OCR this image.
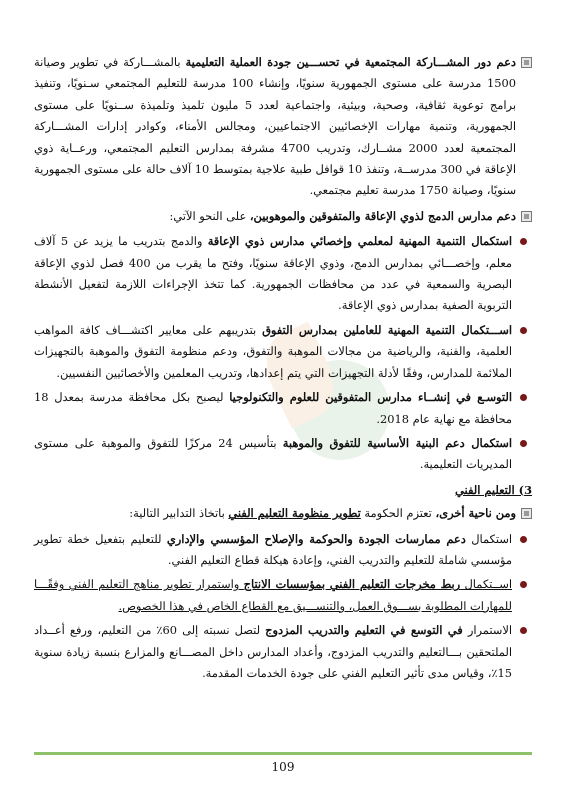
دعم دور المشـــاركة المجتمعية في تحســـين جودة العملية التعليمية بالمشـــاركة في تطوير وصيانة 1500 مدرسة على مستوى الجمهورية سنويًا، وإنشاء 100 مدرسة للتعليم المجتمعي سـنويًا، وتنفيذ برامج توعوية ثقافية، وصحية، وبيئية، واجتماعية لعدد 5 مليون تلميذ وتلميذة ســنويًا على مستوى الجمهورية، وتنمية مهارات الإخصائيين الاجتماعيين، ومجالس الأمناء، وكوادر إدارات المشـــاركة المجتمعية لعدد 2000 مشــارك، وتدريب 4700 مشرفة بمدارس التعليم المجتمعي، ورعــاية ذوي الإعاقة في 300 مدرســة، وتنفذ 10 قوافل طبية علاجية بمتوسط 10 آلاف حالة على مستوى الجمهورية سنويًا، وصيانة 1750 مدرسة تعليم مجتمعي.
دعم مدارس الدمج لذوي الإعاقة والمتفوقين والموهوبين، على النحو الآتي:
استكمال التنمية المهنية لمعلمي وإخصائي مدارس ذوي الإعاقة والدمج بتدريب ما يزيد عن 5 آلاف معلم، وإخصـــائي بمدارس الدمج، وذوي الإعاقة سنويًا، وفتح ما يقرب من 400 فصل لذوي الإعاقة البصرية والسمعية في عدد من محافظات الجمهورية. كما تتخذ الإجراءات اللازمة لتفعيل الأنشطة التربوية الصفية بمدارس ذوي الإعاقة.
اســـتكمال التنمية المهنية للعاملين بمدارس التفوق بتدريبهم على معايير اكتشـــاف كافة المواهب العلمية، والفنية، والرياضية من مجالات الموهبة والتفوق، ودعم منظومة التفوق والموهبة بالتجهيزات الملائمة للمدارس، وفقًا لأدلة التجهيزات التي يتم إعدادها، وتدريب المعلمين والأخصائيين النفسيين.
التوسـع في إنشــاء مدارس المتفوقين للعلوم والتكنولوجيا ليصبح بكل محافظة مدرسة بمعدل 18 محافظة مع نهاية عام 2018.
استكمال دعم البنية الأساسية للتفوق والموهبة بتأسيس 24 مركزًا للتفوق والموهبة على مستوى المديريات التعليمية.
3) التعليم الفني
ومن ناحية أخرى، تعتزم الحكومة تطوير منظومة التعليم الفني باتخاذ التدابير التالية:
استكمال دعم ممارسات الجودة والحوكمة والإصلاح المؤسسي والإداري للتعليم بتفعيل خطة تطوير مؤسسي شاملة للتعليم والتدريب الفني، وإعادة هيكلة قطاع التعليم الفني.
اســتكمال ربط مخرجات التعليم الفني بمؤسسات الانتاج واستمرار تطوير مناهج التعليم الفني وفقًـــا للمهارات المطلوبة بســـوق العمل، والتنســـيق مع القطاع الخاص في هذا الخصوص.
الاستمرار في التوسع في التعليم والتدريب المزدوج لتصل نسبته إلى 60٪ من التعليم، ورفع أعــداد الملتحقين بـــالتعليم والتدريب المزدوج، وأعداد المدارس داخل المصـــانع والمزارع بنسبة زيادة سنوية 15٪، وقياس مدى تأثير التعليم الفني على جودة الخدمات المقدمة.
109
